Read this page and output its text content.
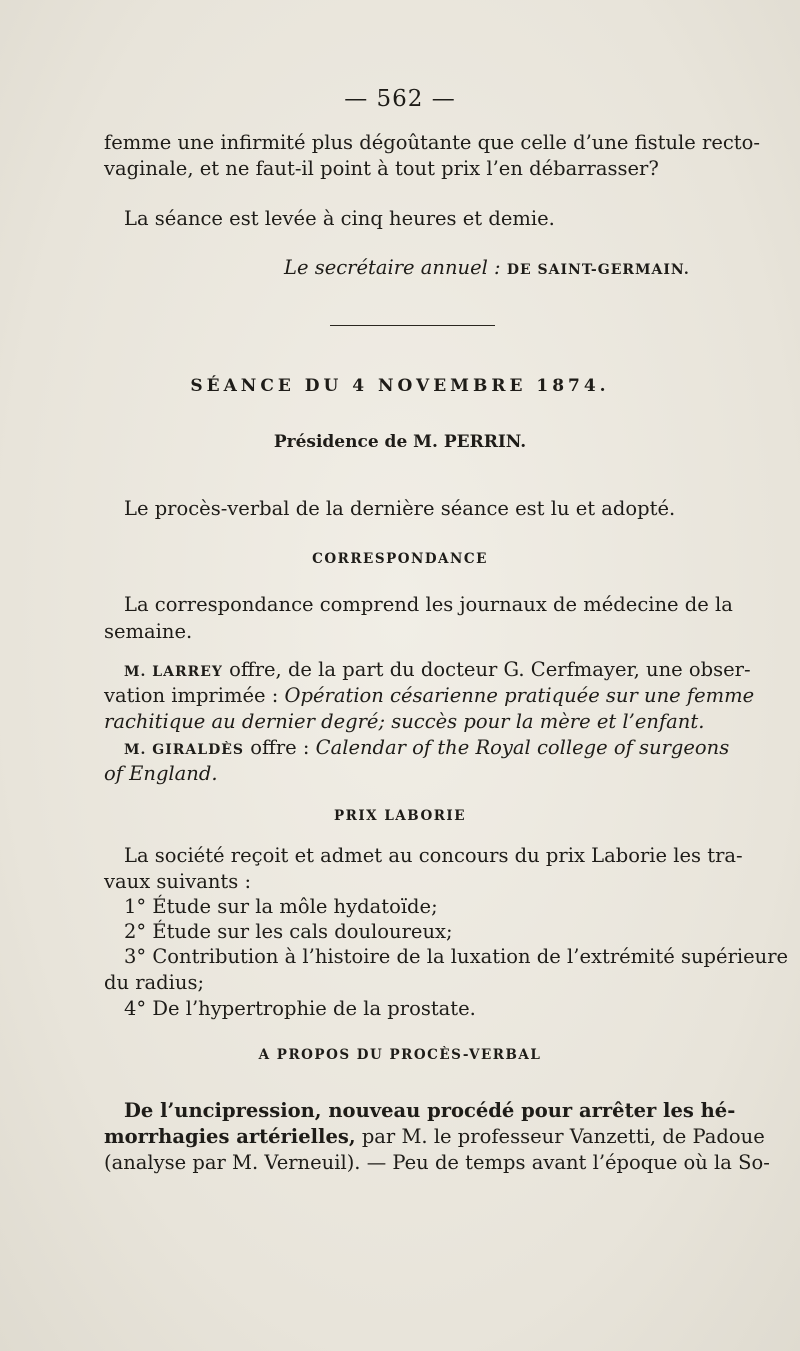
— 562 —
femme une infirmité plus dégoûtante que celle d’une fistule recto-
vaginale, et ne faut-il point à tout prix l’en débarrasser?
La séance est levée à cinq heures et demie.
Le secrétaire annuel : DE SAINT-GERMAIN.
SÉANCE DU 4 NOVEMBRE 1874.
Présidence de M. PERRIN.
Le procès-verbal de la dernière séance est lu et adopté.
CORRESPONDANCE
La correspondance comprend les journaux de médecine de la
semaine.
M. LARREY offre, de la part du docteur G. Cerfmayer, une obser-
vation imprimée : Opération césarienne pratiquée sur une femme
rachitique au dernier degré; succès pour la mère et l’enfant.
M. GIRALDÈS offre : Calendar of the Royal college of surgeons
of England.
PRIX LABORIE
La société reçoit et admet au concours du prix Laborie les tra-
vaux suivants :
1° Étude sur la môle hydatoïde;
2° Étude sur les cals douloureux;
3° Contribution à l’histoire de la luxation de l’extrémité supérieure
du radius;
4° De l’hypertrophie de la prostate.
A PROPOS DU PROCÈS-VERBAL
De l’uncipression, nouveau procédé pour arrêter les hé-
morrhagies artérielles, par M. le professeur Vanzetti, de Padoue
(analyse par M. Verneuil). — Peu de temps avant l’époque où la So-
